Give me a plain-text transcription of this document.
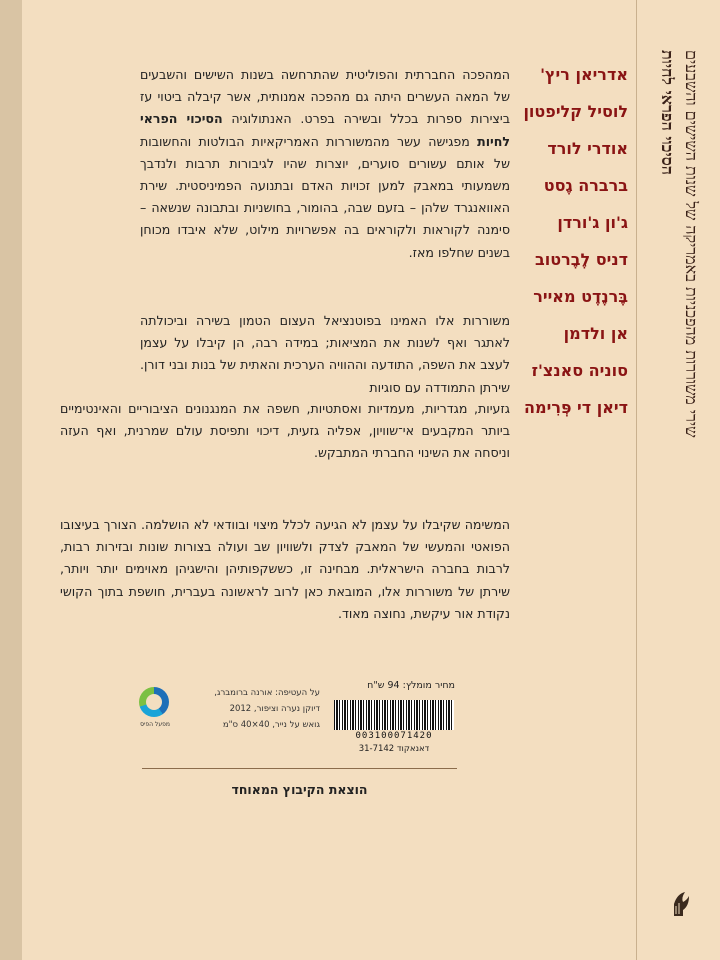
אדריאן ריץ'
לוסיל קליפטון
אודרי לורד
ברברה גֶסט
ג'ון ג'ורדן
דניס לֶבֶרטוב
בֶּרנֶדֶט מאייר
אן ולדמן
סוניה סאנצ'ז
דיאן די פְּרִימה

המהפכה החברתית והפוליטית שהתרחשה בשנות השישים והשבעים של המאה העשרים היתה גם מהפכה אמנותית, אשר קיבלה ביטוי עז ביצירות ספרות בכלל ובשירה בפרט. האנתולוגיה הסיכוי הפראי לחיות מפגישה עשר מהמשוררות האמריקאיות הבולטות והחשובות של אותם עשורים סוערים, יוצרות שהיו לגיבורות תרבות ולנדבך משמעותי במאבק למען זכויות האדם ובתנועה הפמיניסטית. שירת האוואנגרד שלהן – בזעם שבה, בהומור, בחושניות ובתבונה שנשאה – סימנה לקוראות ולקוראים בה אפשרויות מילוט, שלא איבדו מכוחן בשנים שחלפו מאז.

משוררות אלו האמינו בפוטנציאל העצום הטמון בשירה וביכולתה לאתגר ואף לשנות את המציאות; במידה רבה, הן קיבלו על עצמן לעצב את השפה, התודעה וההוויה הערכית והאתית של בנות ובני דורן. שירתן התמודדה עם סוגיות

גזעיות, מגדריות, מעמדיות ואסתטיות, חשפה את המנגנונים הציבוריים והאינטימיים ביותר המקבעים אי־שוויון, אפליה גזעית, דיכוי ותפיסת עולם שמרנית, ואף העזה וניסחה את השינוי החברתי המתבקש.

המשימה שקיבלו על עצמן לא הגיעה לכלל מיצוי ובוודאי לא הושלמה. הצורך בעיצובו הפואטי והמעשי של המאבק לצדק ולשוויון שב ועולה בצורות שונות ובזירות רבות, לרבות בחברה הישראלית. מבחינה זו, כששקפותיהן והישגיהן מאוימים יותר ויותר, שירתן של משוררות אלו, המובאת כאן לרוב לראשונה בעברית, חושפת בתוך הקושי נקודת אור עיקשת, נחוצה מאוד.

על העטיפה: אורנה ברומברג,
דיוקן נערה וציפור, 2012
גואש על נייר, 40×40 ס"מ
מפעל הפיס
מחיר מומלץ: 94 ש"ח
003100071420
דאנאקוד 31-7142
הוצאת הקיבוץ המאוחד
הסיכוי הפראי לחיות שירי משוררות מהפכניות באמריקה של שנות השישים והשבעים
